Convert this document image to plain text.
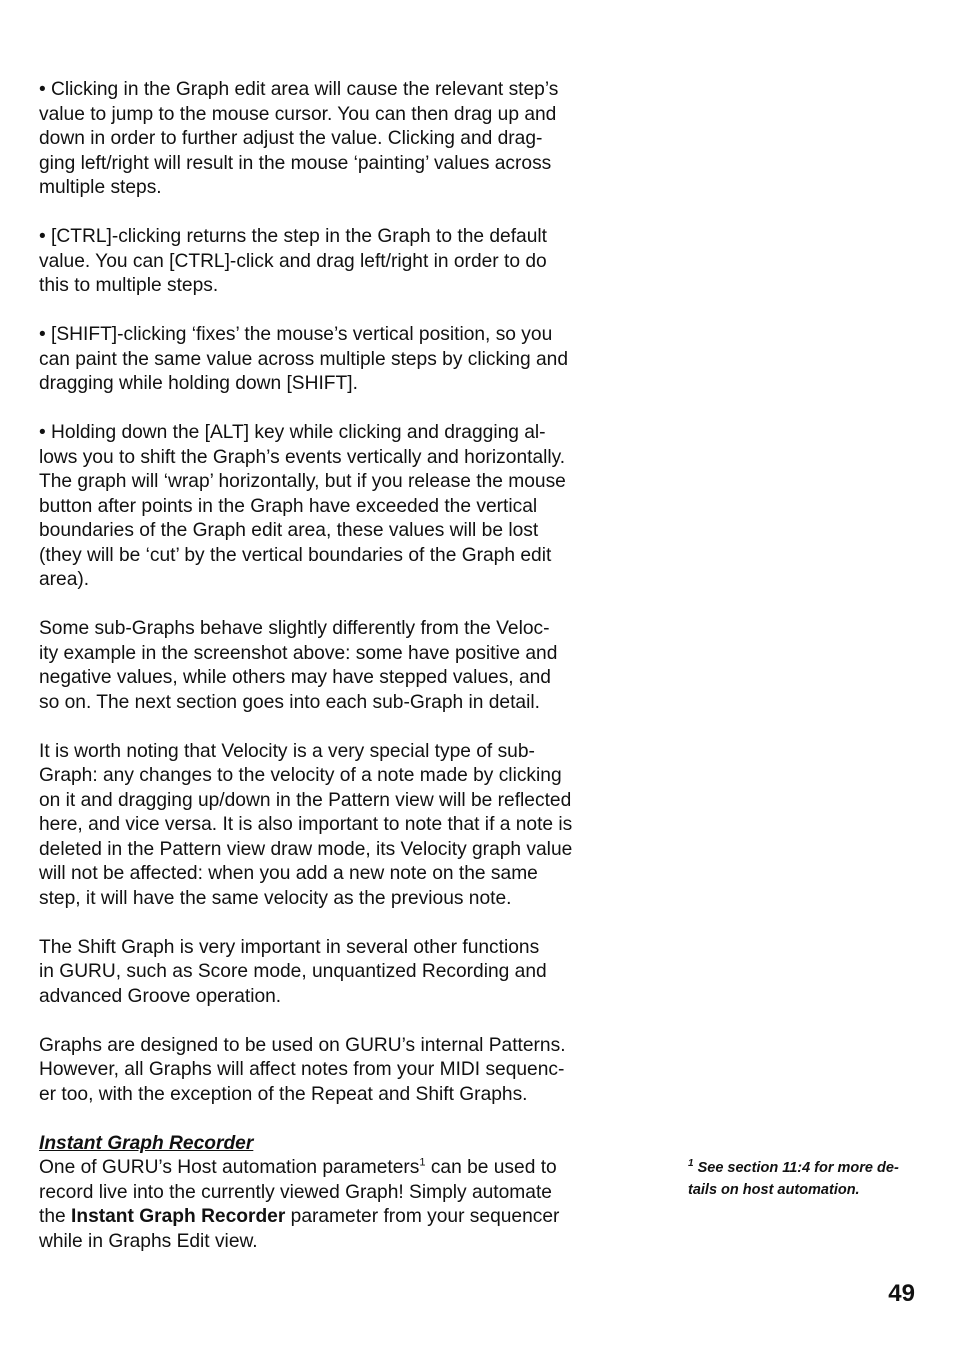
• Clicking in the Graph edit area will cause the relevant step’s
value to jump to the mouse cursor. You can then drag up and
down in order to further adjust the value. Clicking and drag-
ging left/right will result in the mouse ‘painting’ values across
multiple steps.

• [CTRL]-clicking returns the step in the Graph to the default
value. You can [CTRL]-click and drag left/right in order to do
this to multiple steps.

• [SHIFT]-clicking ‘fixes’ the mouse’s vertical position, so you
can paint the same value across multiple steps by clicking and
dragging while holding down [SHIFT].

• Holding down the [ALT] key while clicking and dragging al-
lows you to shift the Graph’s events vertically and horizontally.
The graph will ‘wrap’ horizontally, but if you release the mouse
button after points in the Graph have exceeded the vertical
boundaries of the Graph edit area, these values will be lost
(they will be ‘cut’ by the vertical boundaries of the Graph edit
area).

Some sub-Graphs behave slightly differently from the Veloc-
ity example in the screenshot above: some have positive and
negative values, while others may have stepped values, and
so on. The next section goes into each sub-Graph in detail.

It is worth noting that Velocity is a very special type of sub-
Graph: any changes to the velocity of a note made by clicking
on it and dragging up/down in the Pattern view will be reflected
here, and vice versa. It is also important to note that if a note is
deleted in the Pattern view draw mode, its Velocity graph value
will not be affected: when you add a new note on the same
step, it will have the same velocity as the previous note.

The Shift Graph is very important in several other functions
in GURU, such as Score mode, unquantized Recording and
advanced Groove operation.

Graphs are designed to be used on GURU’s internal Patterns.
However, all Graphs will affect notes from your MIDI sequenc-
er too, with the exception of the Repeat and Shift Graphs.

Instant Graph Recorder

One of GURU’s Host automation parameters$^1$ can be used to
record live into the currently viewed Graph! Simply automate
the Instant Graph Recorder parameter from your sequencer
while in Graphs Edit view.

$^1$ See section 11:4 for more de-
tails on host automation.
49
